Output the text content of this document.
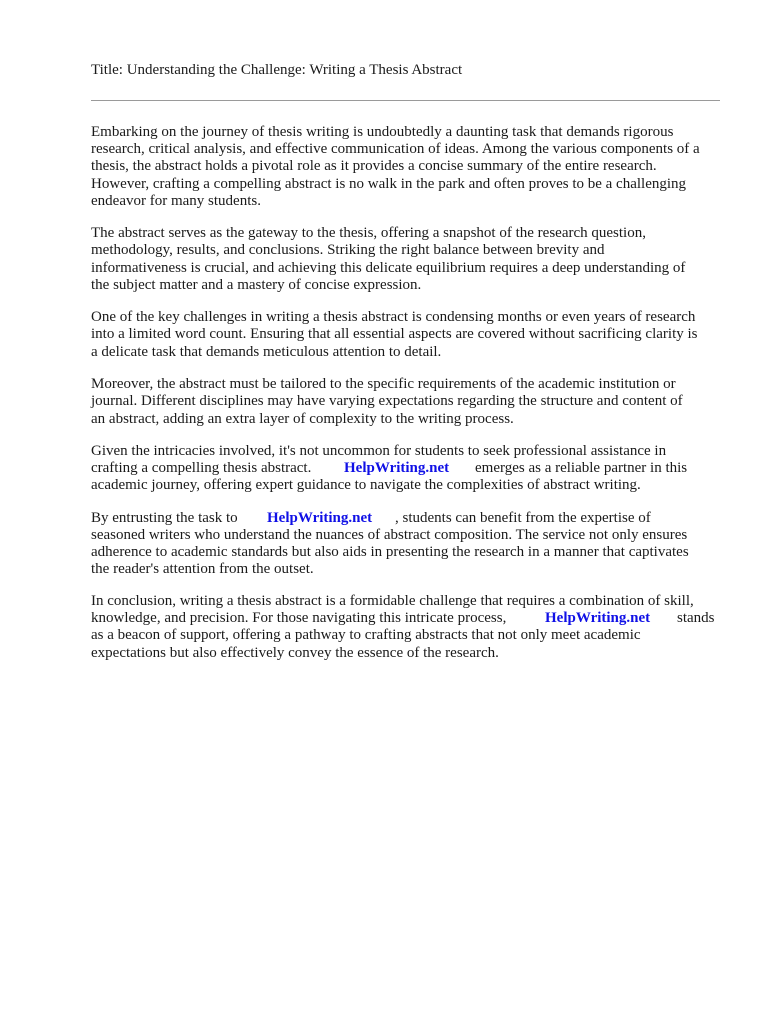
Title: Understanding the Challenge: Writing a Thesis Abstract
Embarking on the journey of thesis writing is undoubtedly a daunting task that demands rigorous
research, critical analysis, and effective communication of ideas. Among the various components of a
thesis, the abstract holds a pivotal role as it provides a concise summary of the entire research.
However, crafting a compelling abstract is no walk in the park and often proves to be a challenging
endeavor for many students.
The abstract serves as the gateway to the thesis, offering a snapshot of the research question,
methodology, results, and conclusions. Striking the right balance between brevity and
informativeness is crucial, and achieving this delicate equilibrium requires a deep understanding of
the subject matter and a mastery of concise expression.
One of the key challenges in writing a thesis abstract is condensing months or even years of research
into a limited word count. Ensuring that all essential aspects are covered without sacrificing clarity is
a delicate task that demands meticulous attention to detail.
Moreover, the abstract must be tailored to the specific requirements of the academic institution or
journal. Different disciplines may have varying expectations regarding the structure and content of
an abstract, adding an extra layer of complexity to the writing process.
Given the intricacies involved, it's not uncommon for students to seek professional assistance in
crafting a compelling thesis abstract. HelpWriting.net emerges as a reliable partner in this
academic journey, offering expert guidance to navigate the complexities of abstract writing.
By entrusting the task to HelpWriting.net , students can benefit from the expertise of
seasoned writers who understand the nuances of abstract composition. The service not only ensures
adherence to academic standards but also aids in presenting the research in a manner that captivates
the reader's attention from the outset.
In conclusion, writing a thesis abstract is a formidable challenge that requires a combination of skill,
knowledge, and precision. For those navigating this intricate process,	HelpWriting.net stands
as a beacon of support, offering a pathway to crafting abstracts that not only meet academic
expectations but also effectively convey the essence of the research.
